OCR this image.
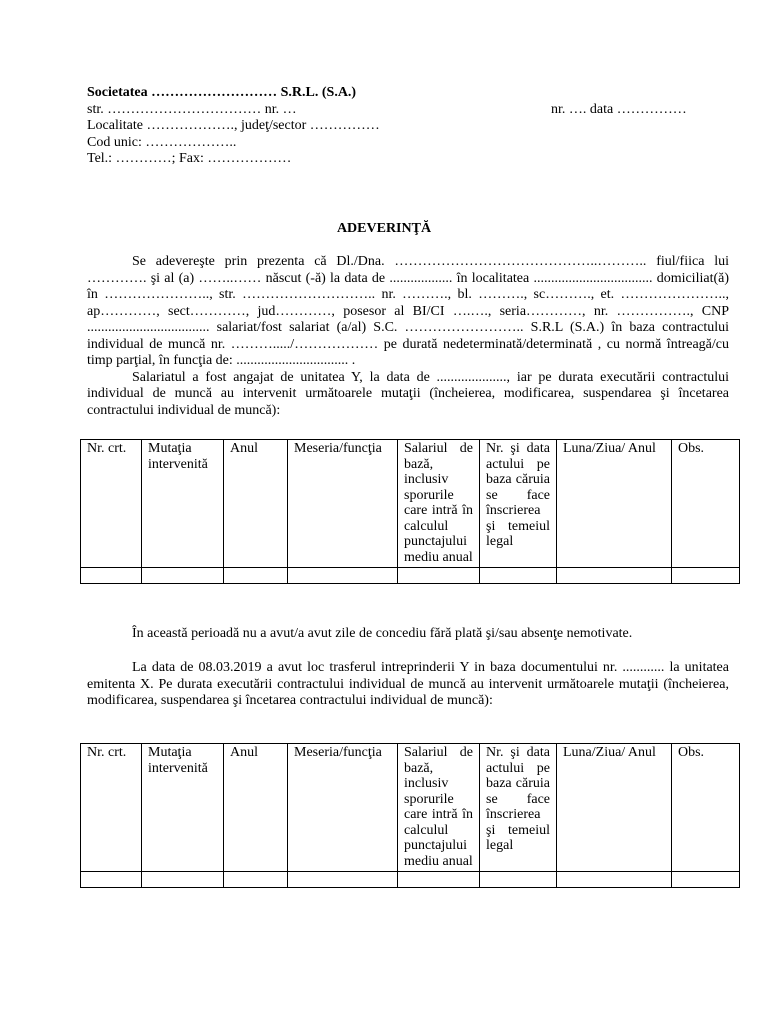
Societatea ……………………… S.R.L. (S.A.)
str. …………………………… nr. …	nr. …. data ……………
Localitate ………………., judeţ/sector ……………
Cod unic: ………………..
Tel.: …………; Fax: ………………
ADEVERINŢĂ
Se adevereşte prin prezenta că Dl./Dna. ……………………………………..……….. fiul/fiica lui …………. şi al (a) ……..…… născut (-ă) la data de .................. în localitatea .................................. domiciliat(ă) în ………………….., str. ……………………….. nr. ………., bl. ………., sc………., et. ………………….., ap…………, sect…………, jud…………, posesor al BI/CI ….…., seria…………, nr. ……………., CNP ................................... salariat/fost salariat (a/al) S.C. …………………….. S.R.L (S.A.) în baza contractului individual de muncă nr. ………...../……………… pe durată nedeterminată/determinată , cu normă întreagă/cu timp parţial, în funcţia de: ................................ .
Salariatul a fost angajat de unitatea Y, la data de ...................., iar pe durata executării contractului individual de muncă au intervenit următoarele mutaţii (încheierea, modificarea, suspendarea şi încetarea contractului individual de muncă):
Nr. crt.	Mutaţia intervenită	Anul	Meseria/funcţia	Salariul de bază, inclusiv sporurile care intră în calculul punctajului mediu anual	Nr. şi data actului pe baza căruia se face înscrierea şi temeiul legal	Luna/Ziua/ Anul	Obs.

În această perioadă nu a avut/a avut zile de concediu fără plată şi/sau absenţe nemotivate.
La data de 08.03.2019 a avut loc trasferul intreprinderii Y in baza documentului nr. ............ la unitatea emitenta X. Pe durata executării contractului individual de muncă au intervenit următoarele mutaţii (încheierea, modificarea, suspendarea şi încetarea contractului individual de muncă):
Nr. crt.	Mutaţia intervenită	Anul	Meseria/funcţia	Salariul de bază, inclusiv sporurile care intră în calculul punctajului mediu anual	Nr. şi data actului pe baza căruia se face înscrierea şi temeiul legal	Luna/Ziua/ Anul	Obs.
